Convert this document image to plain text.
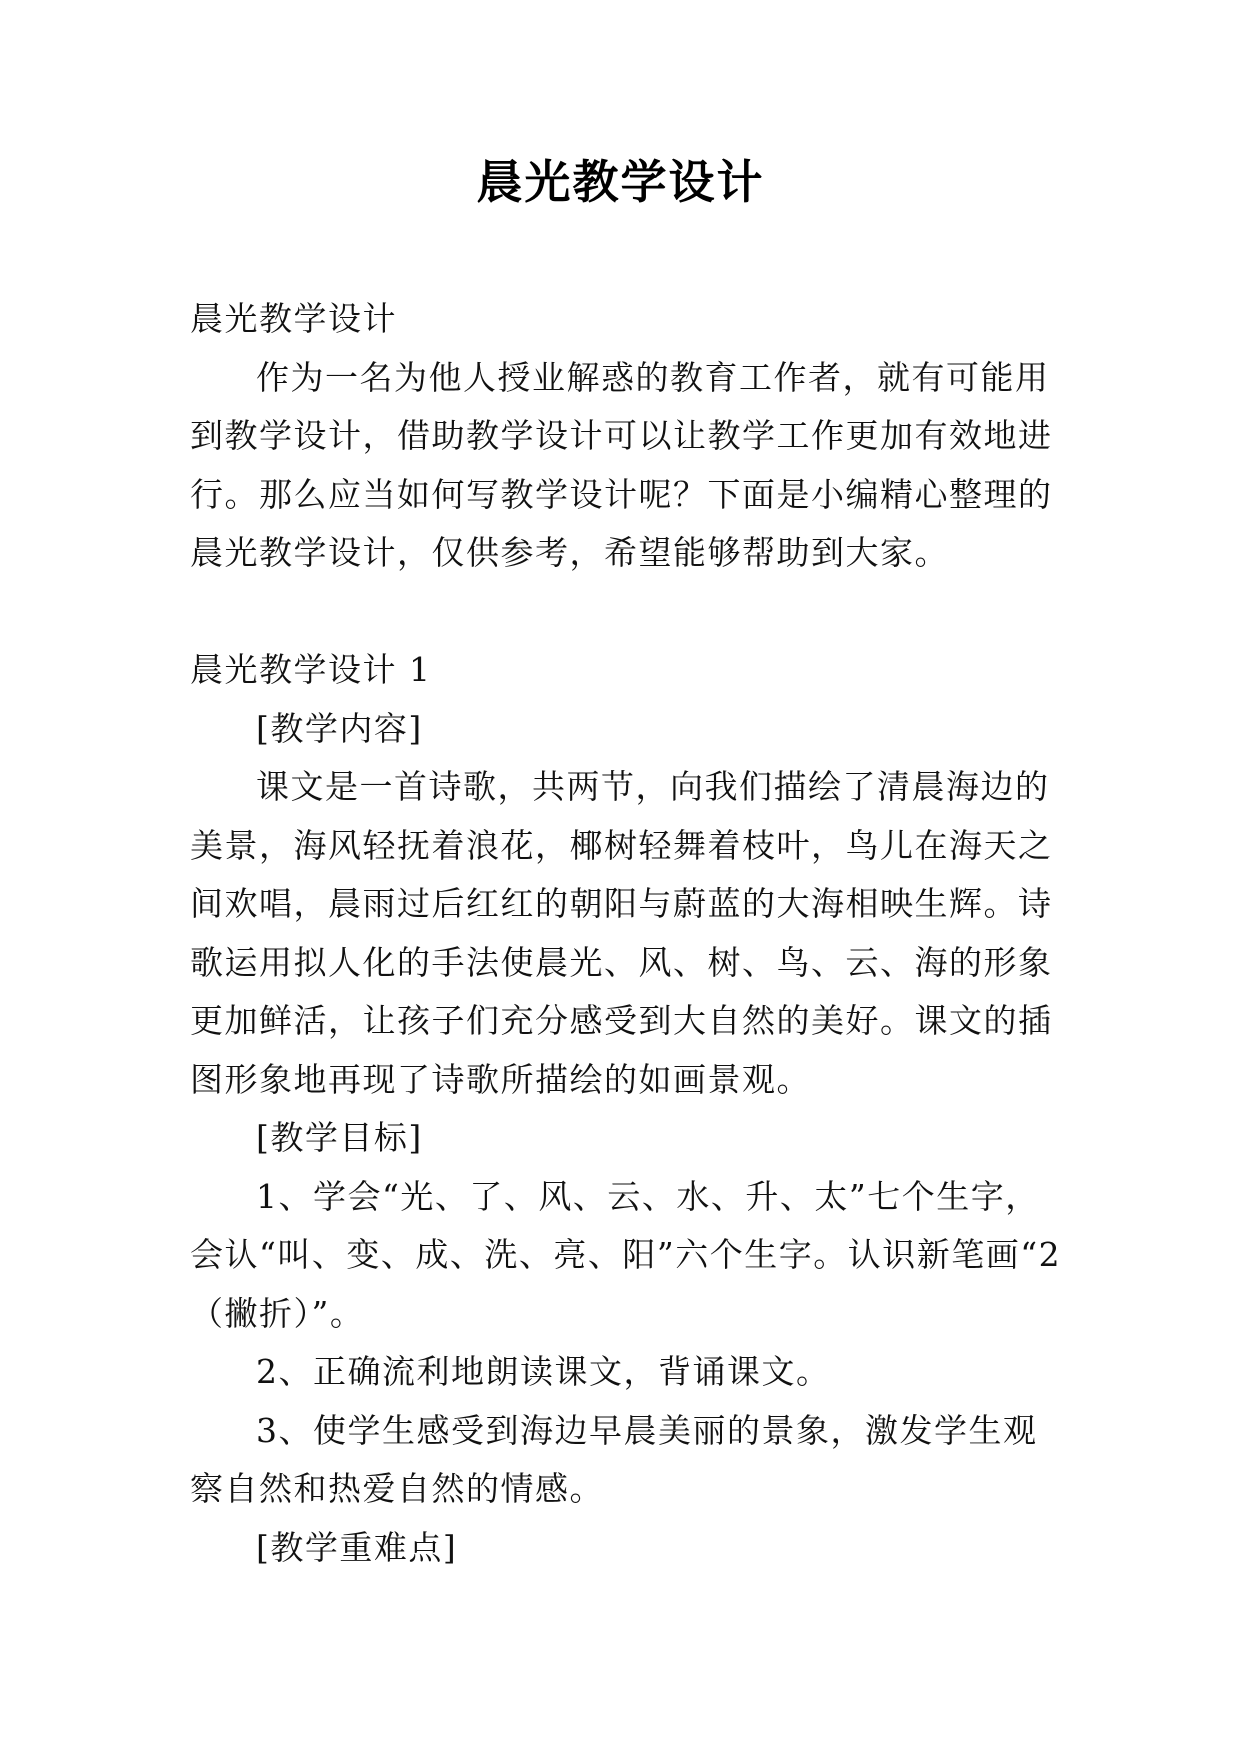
晨光教学设计

晨光教学设计

作为一名为他人授业解惑的教育工作者，就有可能用到教学设计，借助教学设计可以让教学工作更加有效地进行。那么应当如何写教学设计呢？下面是小编精心整理的晨光教学设计，仅供参考，希望能够帮助到大家。

晨光教学设计 1

[教学内容]

课文是一首诗歌，共两节，向我们描绘了清晨海边的美景，海风轻抚着浪花，椰树轻舞着枝叶，鸟儿在海天之间欢唱，晨雨过后红红的朝阳与蔚蓝的大海相映生辉。诗歌运用拟人化的手法使晨光、风、树、鸟、云、海的形象更加鲜活，让孩子们充分感受到大自然的美好。课文的插图形象地再现了诗歌所描绘的如画景观。

[教学目标]

1、学会“光、了、风、云、水、升、太”七个生字，会认“叫、变、成、洗、亮、阳”六个生字。认识新笔画“2（撇折）”。

2、正确流利地朗读课文，背诵课文。

3、使学生感受到海边早晨美丽的景象，激发学生观察自然和热爱自然的情感。

[教学重难点]
